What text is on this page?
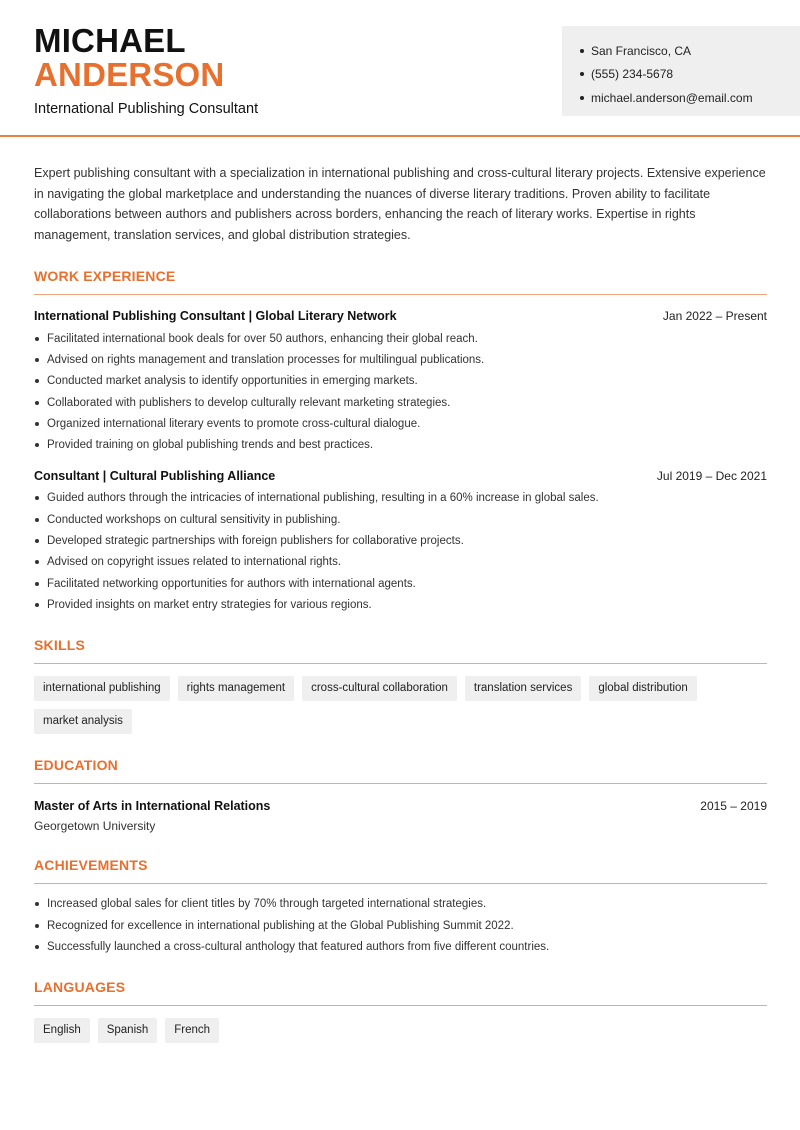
MICHAEL
ANDERSON
International Publishing Consultant
San Francisco, CA
(555) 234-5678
michael.anderson@email.com

Expert publishing consultant with a specialization in international publishing and cross-cultural literary projects. Extensive experience in navigating the global marketplace and understanding the nuances of diverse literary traditions. Proven ability to facilitate collaborations between authors and publishers across borders, enhancing the reach of literary works. Expertise in rights management, translation services, and global distribution strategies.

WORK EXPERIENCE
International Publishing Consultant | Global Literary Network	Jan 2022 – Present
Facilitated international book deals for over 50 authors, enhancing their global reach.
Advised on rights management and translation processes for multilingual publications.
Conducted market analysis to identify opportunities in emerging markets.
Collaborated with publishers to develop culturally relevant marketing strategies.
Organized international literary events to promote cross-cultural dialogue.
Provided training on global publishing trends and best practices.
Consultant | Cultural Publishing Alliance	Jul 2019 – Dec 2021
Guided authors through the intricacies of international publishing, resulting in a 60% increase in global sales.
Conducted workshops on cultural sensitivity in publishing.
Developed strategic partnerships with foreign publishers for collaborative projects.
Advised on copyright issues related to international rights.
Facilitated networking opportunities for authors with international agents.
Provided insights on market entry strategies for various regions.
SKILLS
international publishing	rights management	cross-cultural collaboration	translation services	global distribution
market analysis
EDUCATION
Master of Arts in International Relations	2015 – 2019
Georgetown University
ACHIEVEMENTS
Increased global sales for client titles by 70% through targeted international strategies.
Recognized for excellence in international publishing at the Global Publishing Summit 2022.
Successfully launched a cross-cultural anthology that featured authors from five different countries.
LANGUAGES
English	Spanish	French
